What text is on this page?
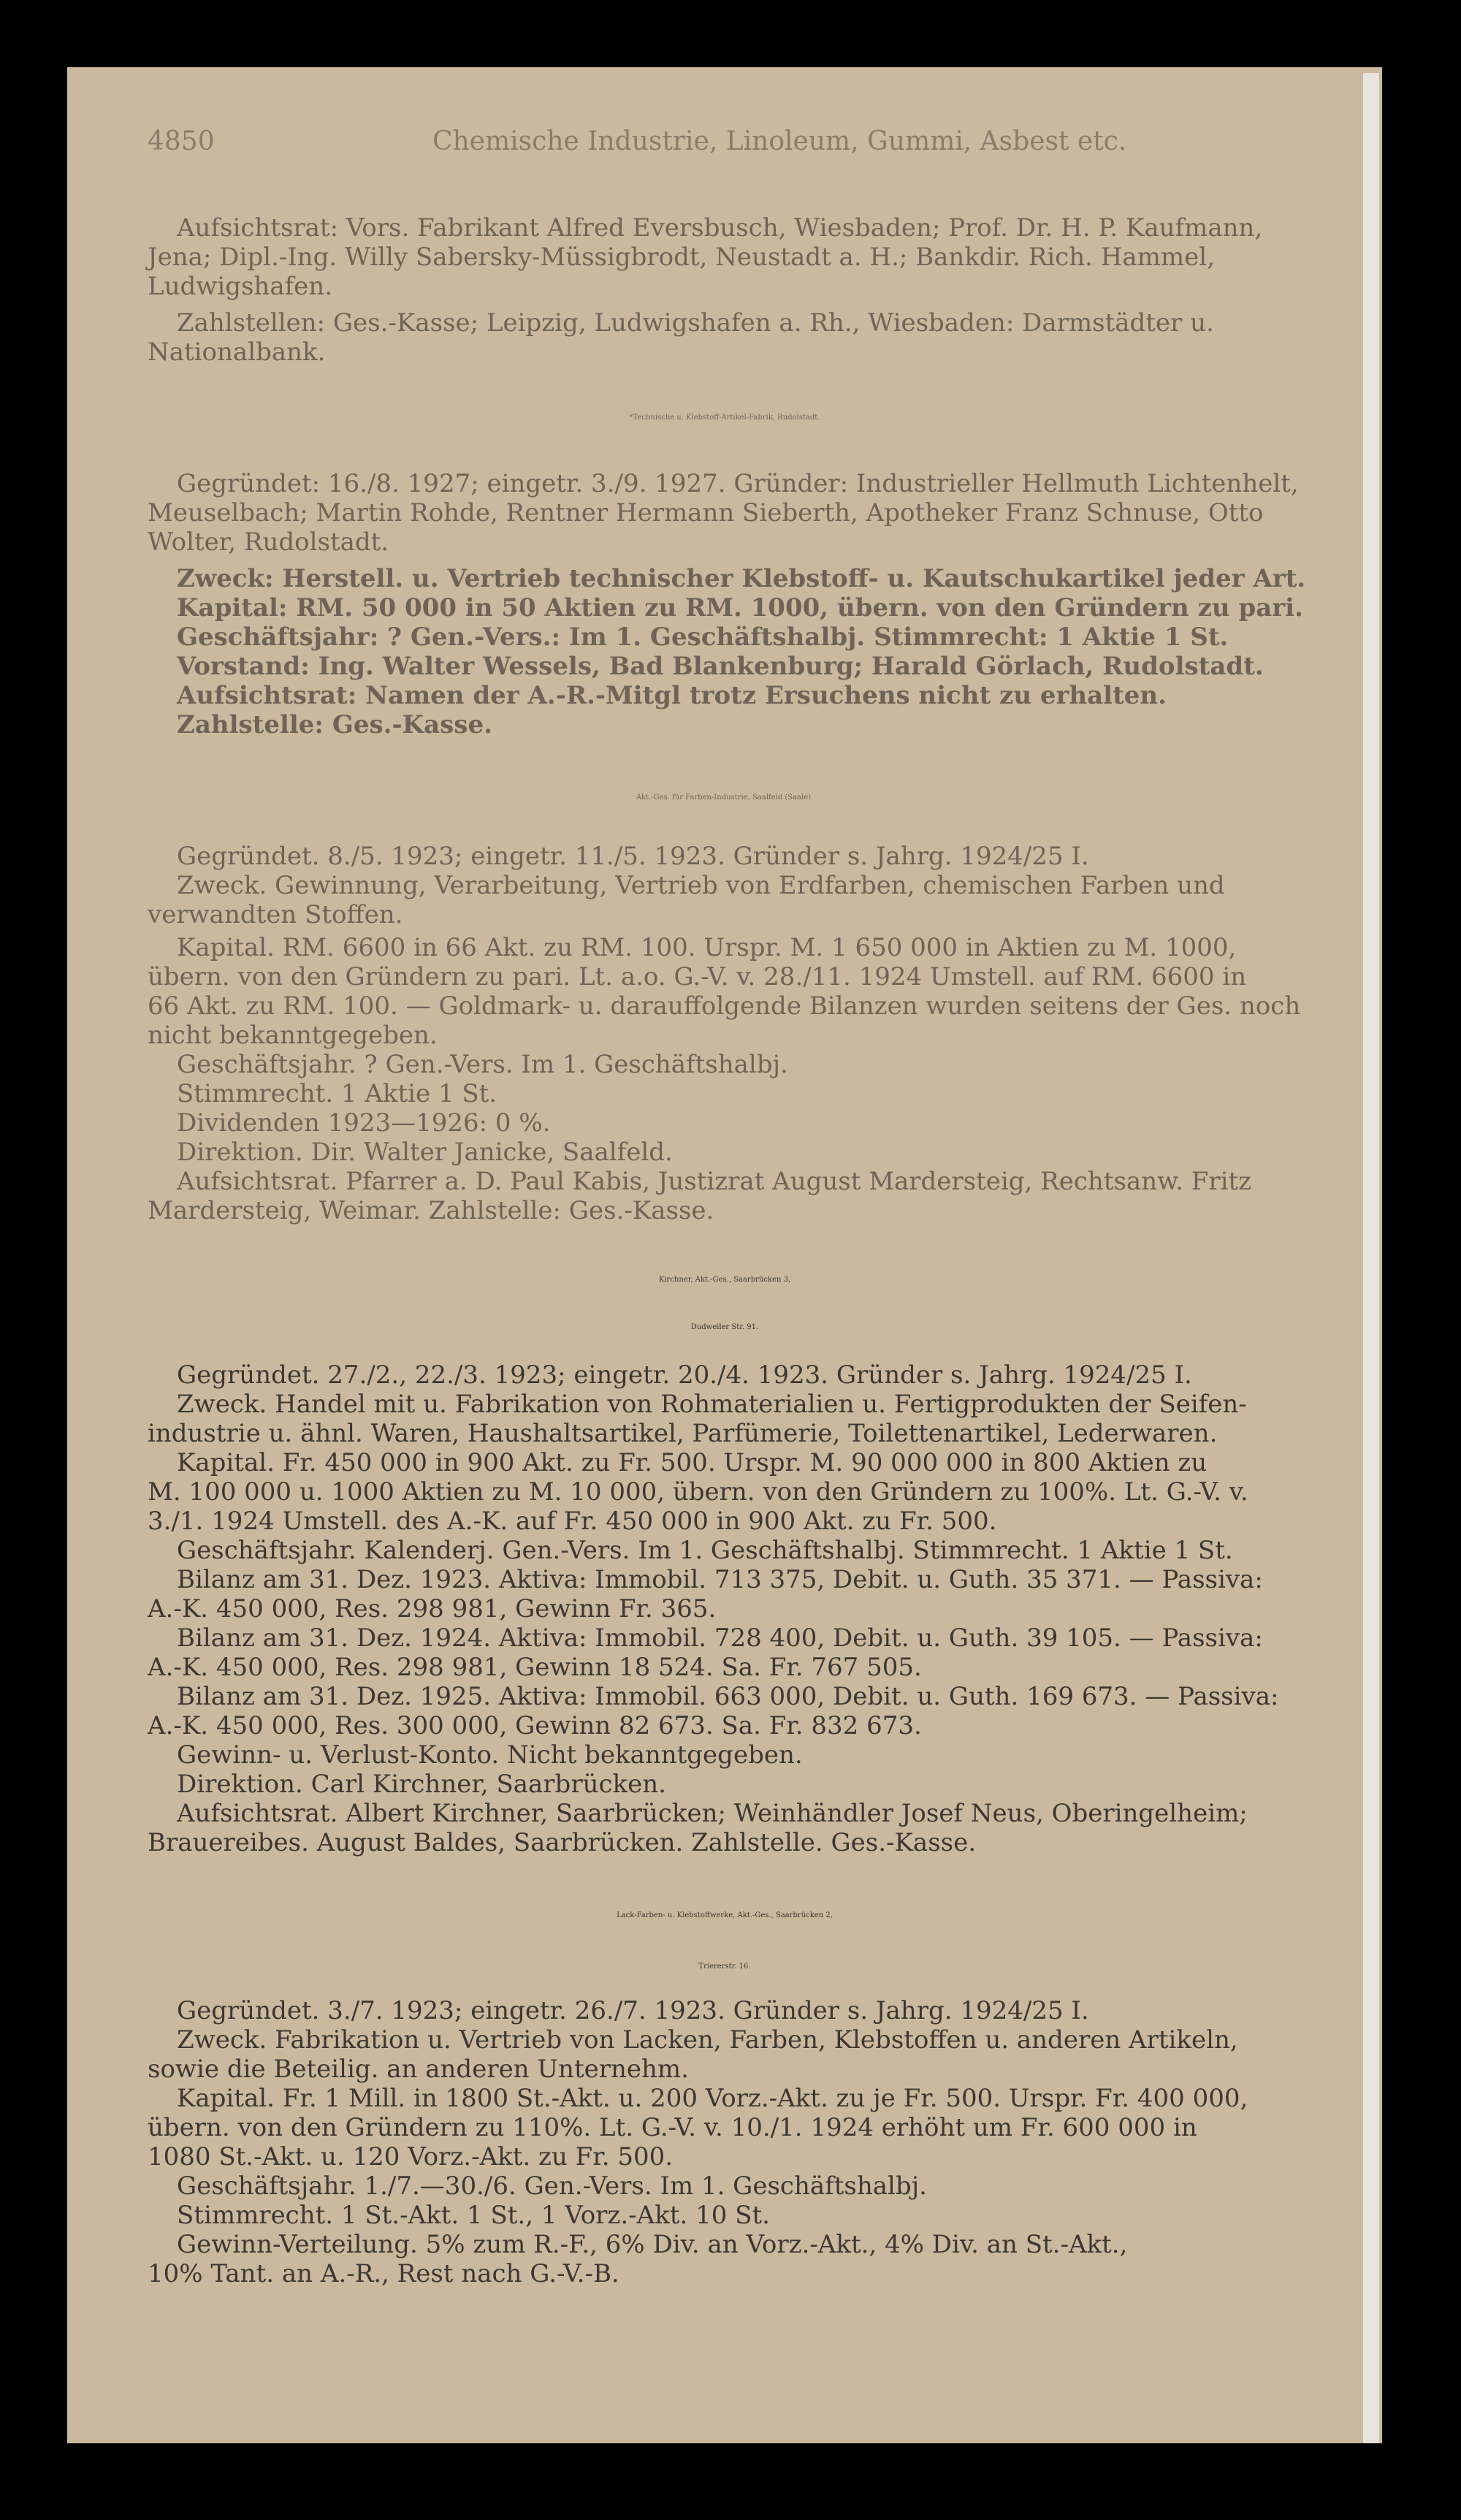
4850	Chemische Industrie, Linoleum, Gummi, Asbest etc.
Aufsichtsrat: Vors. Fabrikant Alfred Eversbusch, Wiesbaden; Prof. Dr. H. P. Kaufmann,
Jena; Dipl.-Ing. Willy Sabersky-Müssigbrodt, Neustadt a. H.; Bankdir. Rich. Hammel,
Ludwigshafen.
Zahlstellen: Ges.-Kasse; Leipzig, Ludwigshafen a. Rh., Wiesbaden: Darmstädter u.
Nationalbank.
*Technische u. Klebstoff-Artikel-Fabrik, Rudolstadt.
Gegründet: 16./8. 1927; eingetr. 3./9. 1927. Gründer: Industrieller Hellmuth Lichtenhelt,
Meuselbach; Martin Rohde, Rentner Hermann Sieberth, Apotheker Franz Schnuse, Otto
Wolter, Rudolstadt.
Zweck: Herstell. u. Vertrieb technischer Klebstoff- u. Kautschukartikel jeder Art.
Kapital: RM. 50 000 in 50 Aktien zu RM. 1000, übern. von den Gründern zu pari.
Geschäftsjahr: ? Gen.-Vers.: Im 1. Geschäftshalbj. Stimmrecht: 1 Aktie 1 St.
Vorstand: Ing. Walter Wessels, Bad Blankenburg; Harald Görlach, Rudolstadt.
Aufsichtsrat: Namen der A.-R.-Mitgl trotz Ersuchens nicht zu erhalten.
Zahlstelle: Ges.-Kasse.
Akt.-Ges. für Farben-Industrie, Saalfeld (Saale).
Gegründet. 8./5. 1923; eingetr. 11./5. 1923. Gründer s. Jahrg. 1924/25 I.
Zweck. Gewinnung, Verarbeitung, Vertrieb von Erdfarben, chemischen Farben und
verwandten Stoffen.
Kapital. RM. 6600 in 66 Akt. zu RM. 100. Urspr. M. 1 650 000 in Aktien zu M. 1000,
übern. von den Gründern zu pari. Lt. a.o. G.-V. v. 28./11. 1924 Umstell. auf RM. 6600 in
66 Akt. zu RM. 100. — Goldmark- u. darauffolgende Bilanzen wurden seitens der Ges. noch
nicht bekanntgegeben.
Geschäftsjahr. ? Gen.-Vers. Im 1. Geschäftshalbj.
Stimmrecht. 1 Aktie 1 St.
Dividenden 1923—1926: 0 %.
Direktion. Dir. Walter Janicke, Saalfeld.
Aufsichtsrat. Pfarrer a. D. Paul Kabis, Justizrat August Mardersteig, Rechtsanw. Fritz
Mardersteig, Weimar. Zahlstelle: Ges.-Kasse.
Kirchner, Akt.-Ges., Saarbrücken 3,
Dudweiler Str. 91.
Gegründet. 27./2., 22./3. 1923; eingetr. 20./4. 1923. Gründer s. Jahrg. 1924/25 I.
Zweck. Handel mit u. Fabrikation von Rohmaterialien u. Fertigprodukten der Seifen-
industrie u. ähnl. Waren, Haushaltsartikel, Parfümerie, Toilettenartikel, Lederwaren.
Kapital. Fr. 450 000 in 900 Akt. zu Fr. 500. Urspr. M. 90 000 000 in 800 Aktien zu
M. 100 000 u. 1000 Aktien zu M. 10 000, übern. von den Gründern zu 100%. Lt. G.-V. v.
3./1. 1924 Umstell. des A.-K. auf Fr. 450 000 in 900 Akt. zu Fr. 500.
Geschäftsjahr. Kalenderj. Gen.-Vers. Im 1. Geschäftshalbj. Stimmrecht. 1 Aktie 1 St.
Bilanz am 31. Dez. 1923. Aktiva: Immobil. 713 375, Debit. u. Guth. 35 371. — Passiva:
A.-K. 450 000, Res. 298 981, Gewinn Fr. 365.
Bilanz am 31. Dez. 1924. Aktiva: Immobil. 728 400, Debit. u. Guth. 39 105. — Passiva:
A.-K. 450 000, Res. 298 981, Gewinn 18 524. Sa. Fr. 767 505.
Bilanz am 31. Dez. 1925. Aktiva: Immobil. 663 000, Debit. u. Guth. 169 673. — Passiva:
A.-K. 450 000, Res. 300 000, Gewinn 82 673. Sa. Fr. 832 673.
Gewinn- u. Verlust-Konto. Nicht bekanntgegeben.
Direktion. Carl Kirchner, Saarbrücken.
Aufsichtsrat. Albert Kirchner, Saarbrücken; Weinhändler Josef Neus, Oberingelheim;
Brauereibes. August Baldes, Saarbrücken. Zahlstelle. Ges.-Kasse.
Lack-Farben- u. Klebstoffwerke, Akt.-Ges., Saarbrücken 2,
Triererstr. 16.
Gegründet. 3./7. 1923; eingetr. 26./7. 1923. Gründer s. Jahrg. 1924/25 I.
Zweck. Fabrikation u. Vertrieb von Lacken, Farben, Klebstoffen u. anderen Artikeln,
sowie die Beteilig. an anderen Unternehm.
Kapital. Fr. 1 Mill. in 1800 St.-Akt. u. 200 Vorz.-Akt. zu je Fr. 500. Urspr. Fr. 400 000,
übern. von den Gründern zu 110%. Lt. G.-V. v. 10./1. 1924 erhöht um Fr. 600 000 in
1080 St.-Akt. u. 120 Vorz.-Akt. zu Fr. 500.
Geschäftsjahr. 1./7.—30./6. Gen.-Vers. Im 1. Geschäftshalbj.
Stimmrecht. 1 St.-Akt. 1 St., 1 Vorz.-Akt. 10 St.
Gewinn-Verteilung. 5% zum R.-F., 6% Div. an Vorz.-Akt., 4% Div. an St.-Akt.,
10% Tant. an A.-R., Rest nach G.-V.-B.
